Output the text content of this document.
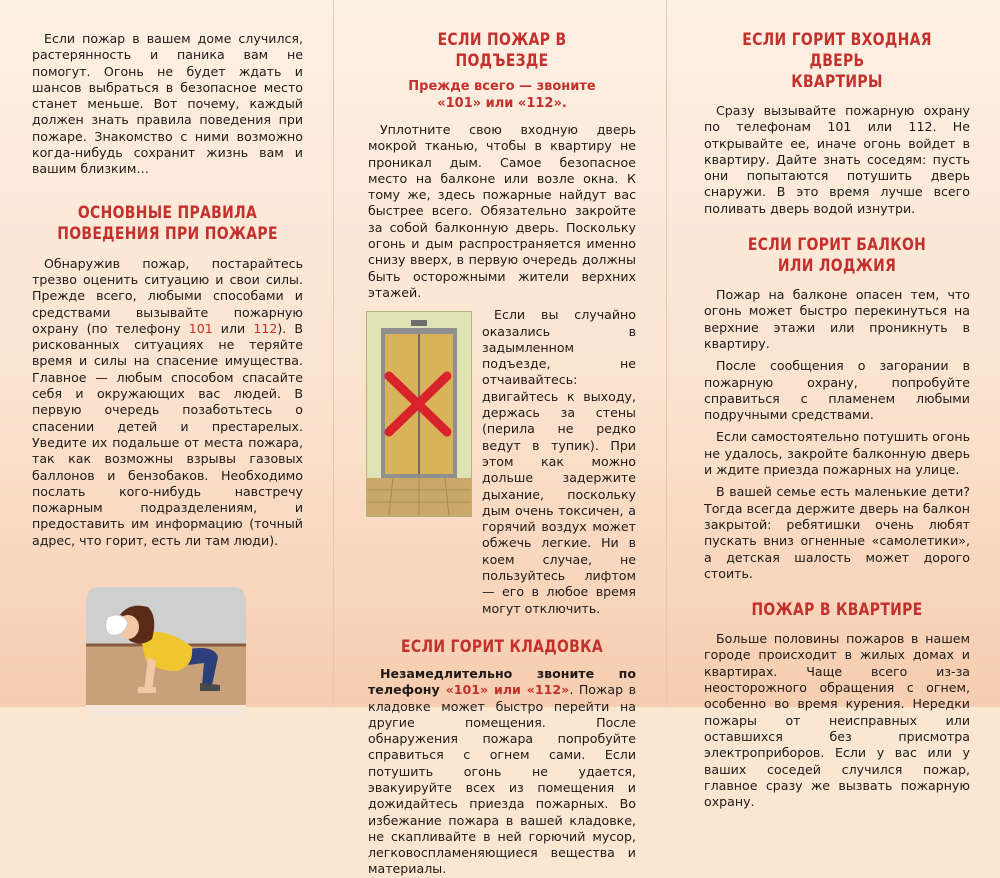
Если пожар в вашем доме случился, растерянность и паника вам не помогут. Огонь не будет ждать и шансов выбраться в безопасное место станет меньше. Вот почему, каждый должен знать правила поведения при пожаре. Знакомство с ними возможно когда-нибудь сохранит жизнь вам и вашим близким…

ОСНОВНЫЕ ПРАВИЛА
ПОВЕДЕНИЯ ПРИ ПОЖАРЕ

Обнаружив пожар, постарайтесь трезво оценить ситуацию и свои силы. Прежде всего, любыми способами и средствами вызывайте пожарную охрану (по телефону 101 или 112). В рискованных ситуациях не теряйте время и силы на спасение имущества. Главное — любым способом спасайте себя и окружающих вас людей. В первую очередь позаботьтесь о спасении детей и престарелых. Уведите их подальше от места пожара, так как возможны взрывы газовых баллонов и бензобаков. Необходимо послать кого-нибудь навстречу пожарным подразделениям, и предоставить им информацию (точный адрес, что горит, есть ли там люди).

ЕСЛИ ПОЖАР В ПОДЪЕЗДЕ
Прежде всего — звоните
«101» или «112».

Уплотните свою входную дверь мокрой тканью, чтобы в квартиру не проникал дым. Самое безопасное место на балконе или возле окна. К тому же, здесь пожарные найдут вас быстрее всего. Обязательно закройте за собой балконную дверь. Поскольку огонь и дым распространяется именно снизу вверх, в первую очередь должны быть осторожными жители верхних этажей.

Если вы случайно оказались в задымленном подъезде, не отчаивайтесь: двигайтесь к выходу, держась за стены (перила не редко ведут в тупик). При этом как можно дольше задержите дыхание, поскольку дым очень токсичен, а горячий воздух может обжечь легкие. Ни в коем случае, не пользуйтесь лифтом — его в любое время могут отключить.

ЕСЛИ ГОРИТ КЛАДОВКА

Незамедлительно звоните по телефону «101» или «112». Пожар в кладовке может быстро перейти на другие помещения. После обнаружения пожара попробуйте справиться с огнем сами. Если потушить огонь не удается, эвакуируйте всех из помещения и дожидайтесь приезда пожарных. Во избежание пожара в вашей кладовке, не скапливайте в ней горючий мусор, легковоспламеняющиеся вещества и материалы.

ЕСЛИ ГОРИТ ВХОДНАЯ ДВЕРЬ
КВАРТИРЫ

Сразу вызывайте пожарную охрану по телефонам 101 или 112. Не открывайте ее, иначе огонь войдет в квартиру. Дайте знать соседям: пусть они попытаются потушить дверь снаружи. В это время лучше всего поливать дверь водой изнутри.

ЕСЛИ ГОРИТ БАЛКОН
ИЛИ ЛОДЖИЯ

Пожар на балконе опасен тем, что огонь может быстро перекинуться на верхние этажи или проникнуть в квартиру.

После сообщения о загорании в пожарную охрану, попробуйте справиться с пламенем любыми подручными средствами.

Если самостоятельно потушить огонь не удалось, закройте балконную дверь и ждите приезда пожарных на улице.

В вашей семье есть маленькие дети? Тогда всегда держите дверь на балкон закрытой: ребятишки очень любят пускать вниз огненные «самолетики», а детская шалость может дорого стоить.

ПОЖАР В КВАРТИРЕ

Больше половины пожаров в нашем городе происходит в жилых домах и квартирах. Чаще всего из-за неосторожного обращения с огнем, особенно во время курения. Нередки пожары от неисправных или оставшихся без присмотра электроприборов. Если у вас или у ваших соседей случился пожар, главное сразу же вызвать пожарную охрану.
